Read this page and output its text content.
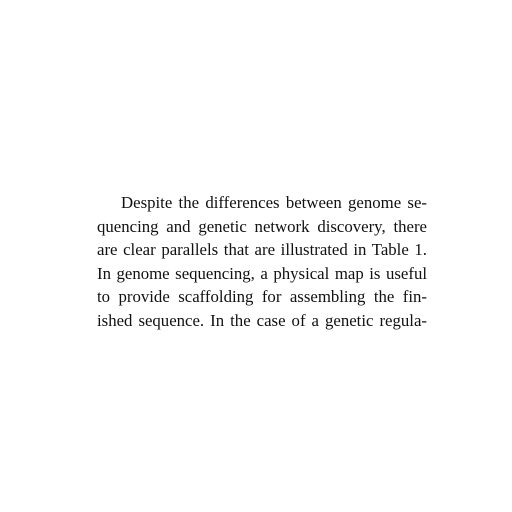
Despite the differences between genome se-
quencing and genetic network discovery, there
are clear parallels that are illustrated in Table 1.
In genome sequencing, a physical map is useful
to provide scaffolding for assembling the fin-
ished sequence. In the case of a genetic regula-
